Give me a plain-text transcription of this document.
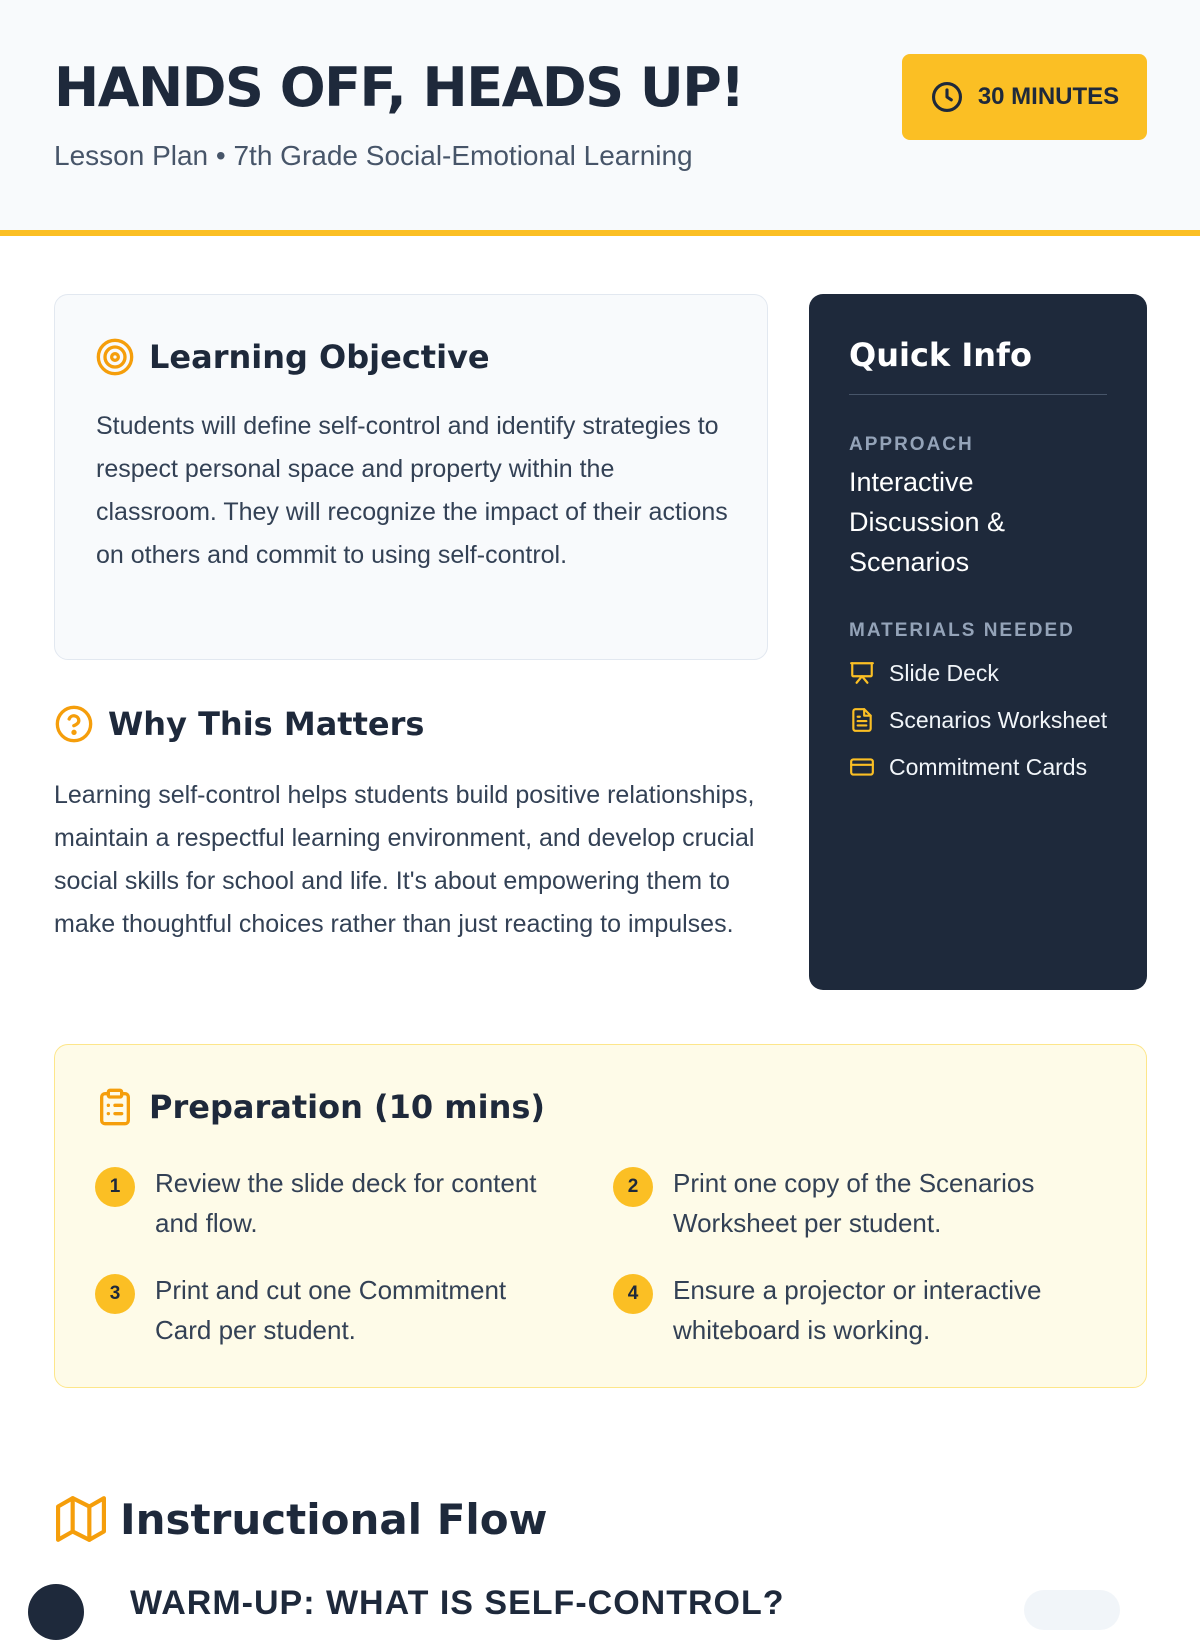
HANDS OFF, HEADS UP!
Lesson Plan • 7th Grade Social-Emotional Learning
30 MINUTES
Learning Objective

Students will define self-control and identify strategies to respect personal space and property within the classroom. They will recognize the impact of their actions on others and commit to using self-control.

Why This Matters

Learning self-control helps students build positive relationships, maintain a respectful learning environment, and develop crucial social skills for school and life. It's about empowering them to make thoughtful choices rather than just reacting to impulses.

Quick Info
APPROACH
Interactive Discussion & Scenarios
MATERIALS NEEDED
Slide Deck
Scenarios Worksheet
Commitment Cards
Preparation (10 mins)
1	Review the slide deck for content and flow.
2	Print one copy of the Scenarios Worksheet per student.
3	Print and cut one Commitment Card per student.
4	Ensure a projector or interactive whiteboard is working.
Instructional Flow
WARM-UP: WHAT IS SELF-CONTROL?
